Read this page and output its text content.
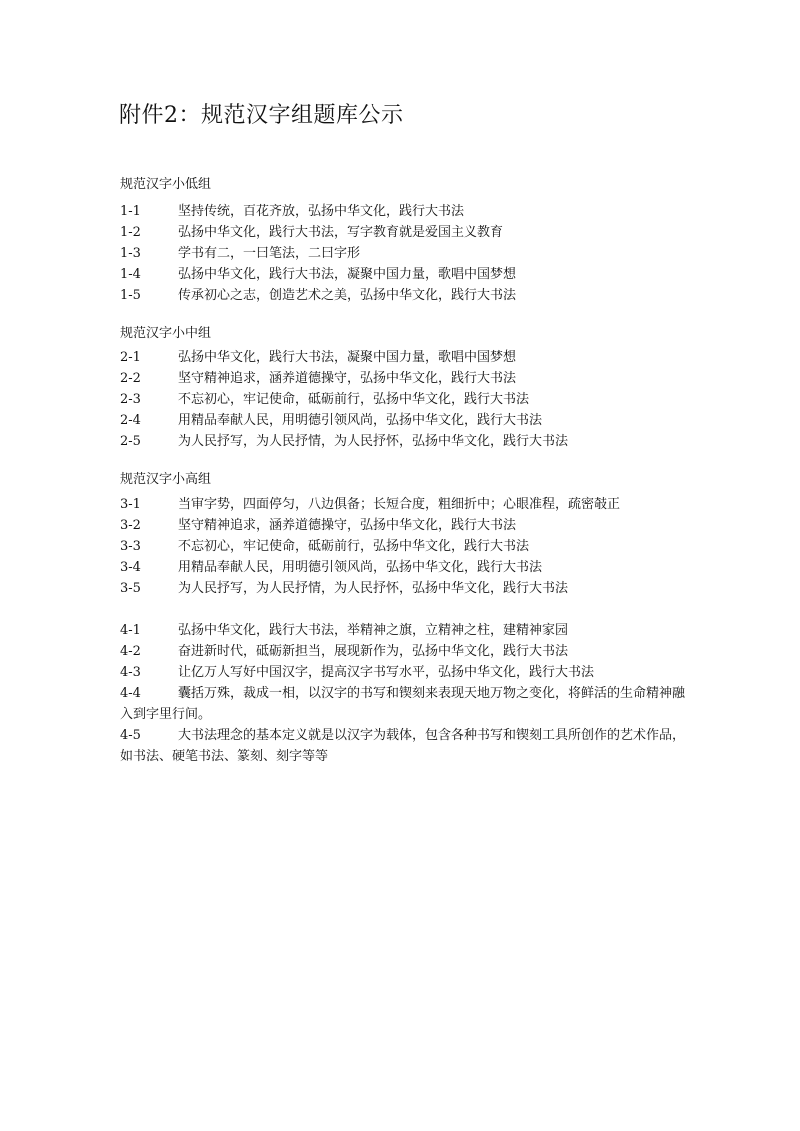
附件2：规范汉字组题库公示
规范汉字小低组
1-1	坚持传统，百花齐放，弘扬中华文化，践行大书法
1-2	弘扬中华文化，践行大书法，写字教育就是爱国主义教育
1-3	学书有二，一曰笔法，二曰字形
1-4	弘扬中华文化，践行大书法，凝聚中国力量，歌唱中国梦想
1-5	传承初心之志，创造艺术之美，弘扬中华文化，践行大书法
规范汉字小中组
2-1	弘扬中华文化，践行大书法，凝聚中国力量，歌唱中国梦想
2-2	坚守精神追求，涵养道德操守，弘扬中华文化，践行大书法
2-3	不忘初心，牢记使命，砥砺前行，弘扬中华文化，践行大书法
2-4	用精品奉献人民，用明德引领风尚，弘扬中华文化，践行大书法
2-5	为人民抒写，为人民抒情，为人民抒怀，弘扬中华文化，践行大书法
规范汉字小高组
3-1	当审字势，四面停匀，八边俱备；长短合度，粗细折中；心眼准程，疏密攲正
3-2	坚守精神追求，涵养道德操守，弘扬中华文化，践行大书法
3-3	不忘初心，牢记使命，砥砺前行，弘扬中华文化，践行大书法
3-4	用精品奉献人民，用明德引领风尚，弘扬中华文化，践行大书法
3-5	为人民抒写，为人民抒情，为人民抒怀，弘扬中华文化，践行大书法
4-1	弘扬中华文化，践行大书法，举精神之旗，立精神之柱，建精神家园
4-2	奋进新时代，砥砺新担当，展现新作为，弘扬中华文化，践行大书法
4-3	让亿万人写好中国汉字，提高汉字书写水平，弘扬中华文化，践行大书法
4-4	囊括万殊，裁成一相，以汉字的书写和锲刻来表现天地万物之变化，将鲜活的生命精神融入到字里行间。
4-5	大书法理念的基本定义就是以汉字为载体，包含各种书写和锲刻工具所创作的艺术作品，如书法、硬笔书法、篆刻、刻字等等
